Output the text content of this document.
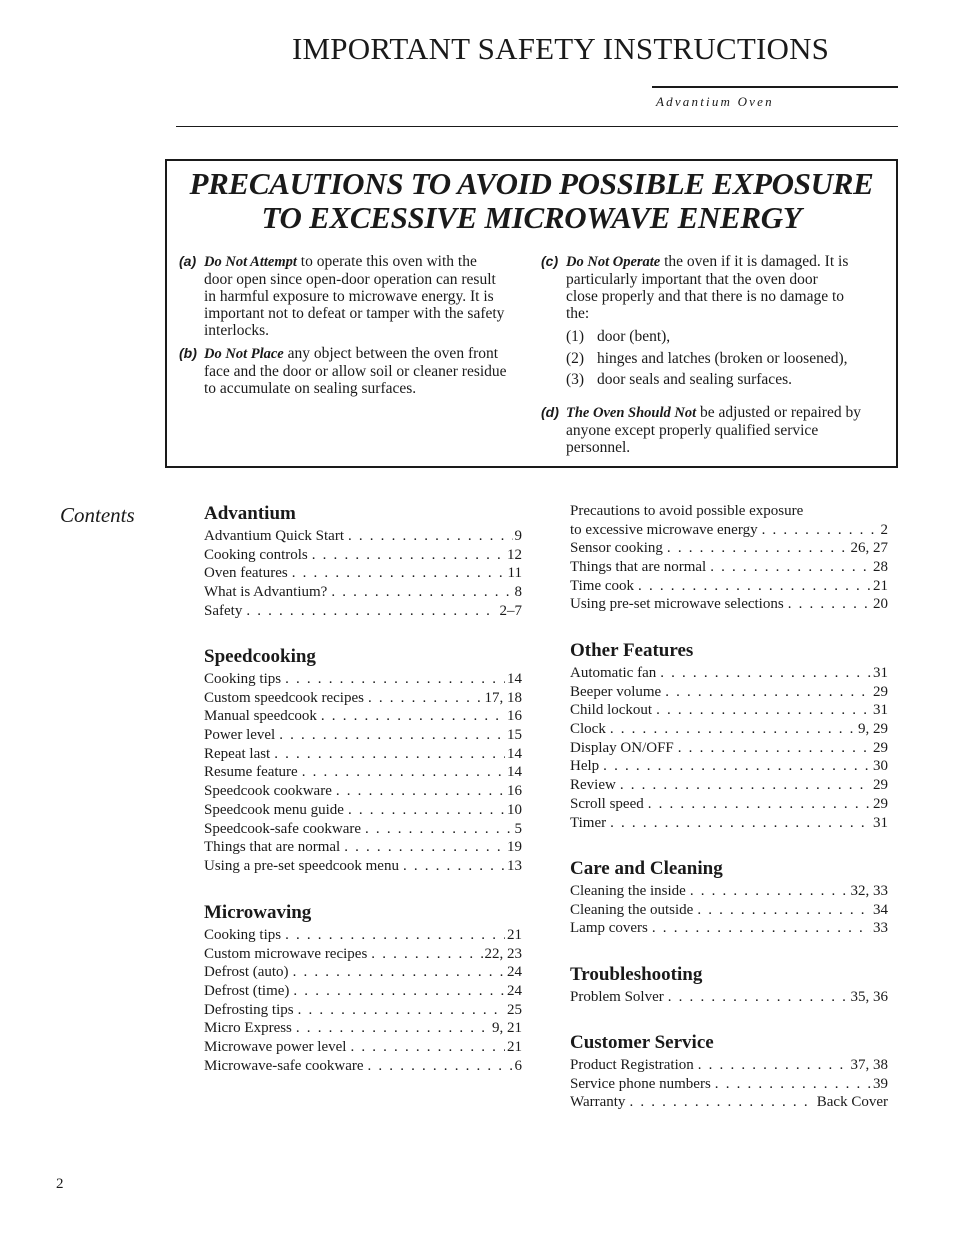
IMPORTANT SAFETY INSTRUCTIONS
Advantium Oven
PRECAUTIONS TO AVOID POSSIBLE EXPOSURE
TO EXCESSIVE MICROWAVE ENERGY
(a) Do Not Attempt to operate this oven with the door open since open-door operation can result in harmful exposure to microwave energy. It is important not to defeat or tamper with the safety interlocks.
(b) Do Not Place any object between the oven front face and the door or allow soil or cleaner residue to accumulate on sealing surfaces.
(c) Do Not Operate the oven if it is damaged. It is particularly important that the oven door close properly and that there is no damage to the:
(1) door (bent),
(2) hinges and latches (broken or loosened),
(3) door seals and sealing surfaces.
(d) The Oven Should Not be adjusted or repaired by anyone except properly qualified service personnel.
Contents	Advantium
Advantium Quick Start . . .	9
Cooking controls . . .	12
Oven features . . .	11
What is Advantium? . . .	8
Safety . . .	2–7
Speedcooking
Cooking tips . . .	14
Custom speedcook recipes . . .	17, 18
Manual speedcook . . .	16
Power level . . .	15
Repeat last . . .	14
Resume feature . . .	14
Speedcook cookware . . .	16
Speedcook menu guide . . .	10
Speedcook-safe cookware . . .	5
Things that are normal . . .	19
Using a pre-set speedcook menu . . .	13
Microwaving
Cooking tips . . .	21
Custom microwave recipes . . .	22, 23
Defrost (auto) . . .	24
Defrost (time) . . .	24
Defrosting tips . . .	25
Micro Express . . .	9, 21
Microwave power level . . .	21
Microwave-safe cookware . . .	6
Precautions to avoid possible exposure
to excessive microwave energy . . .	2
Sensor cooking . . .	26, 27
Things that are normal . . .	28
Time cook . . .	21
Using pre-set microwave selections . . .	20
Other Features
Automatic fan . . .	31
Beeper volume . . .	29
Child lockout . . .	31
Clock . . .	9, 29
Display ON/OFF . . .	29
Help . . .	30
Review . . .	29
Scroll speed . . .	29
Timer . . .	31
Care and Cleaning
Cleaning the inside . . .	32, 33
Cleaning the outside . . .	34
Lamp covers . . .	33
Troubleshooting
Problem Solver . . .	35, 36
Customer Service
Product Registration . . .	37, 38
Service phone numbers . . .	39
Warranty . . .	Back Cover
2
